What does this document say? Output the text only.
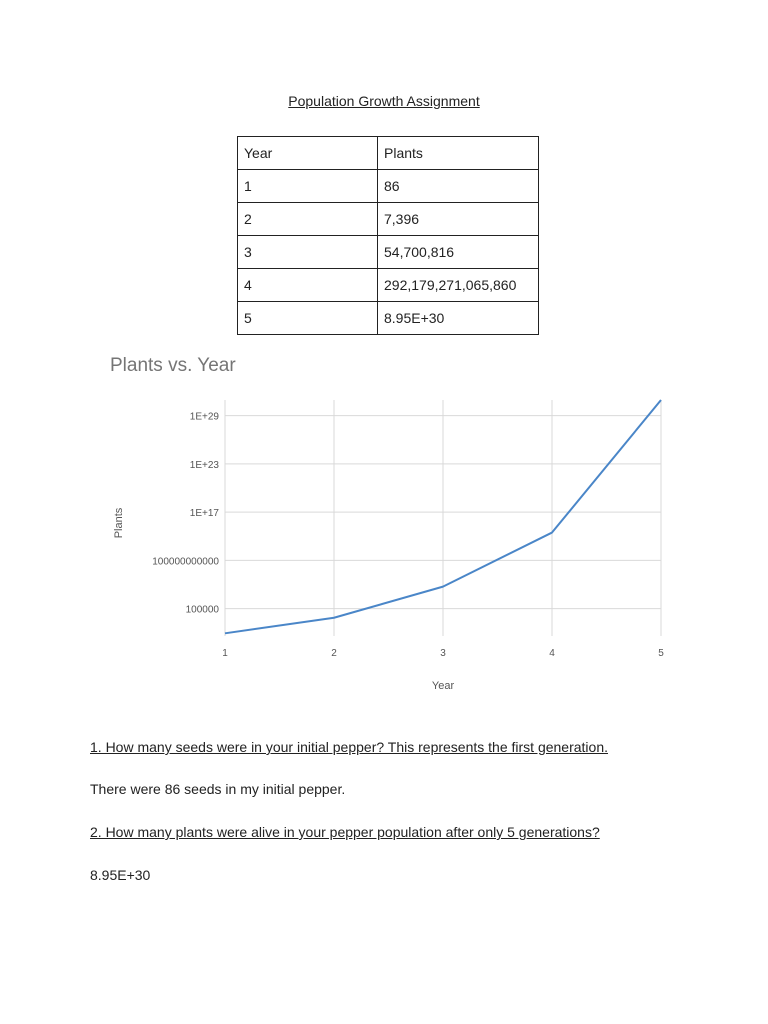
Population Growth Assignment
Year	Plants
1	86
2	7,396
3	54,700,816
4	292,179,271,065,860
5	8.95E+30
Plants vs. Year
1	2	3	4	5
100000
100000000000
1E+17
1E+23
1E+29
Year
Plants
1. How many seeds were in your initial pepper? This represents the first generation.
There were 86 seeds in my initial pepper.
2. How many plants were alive in your pepper population after only 5 generations?
8.95E+30
